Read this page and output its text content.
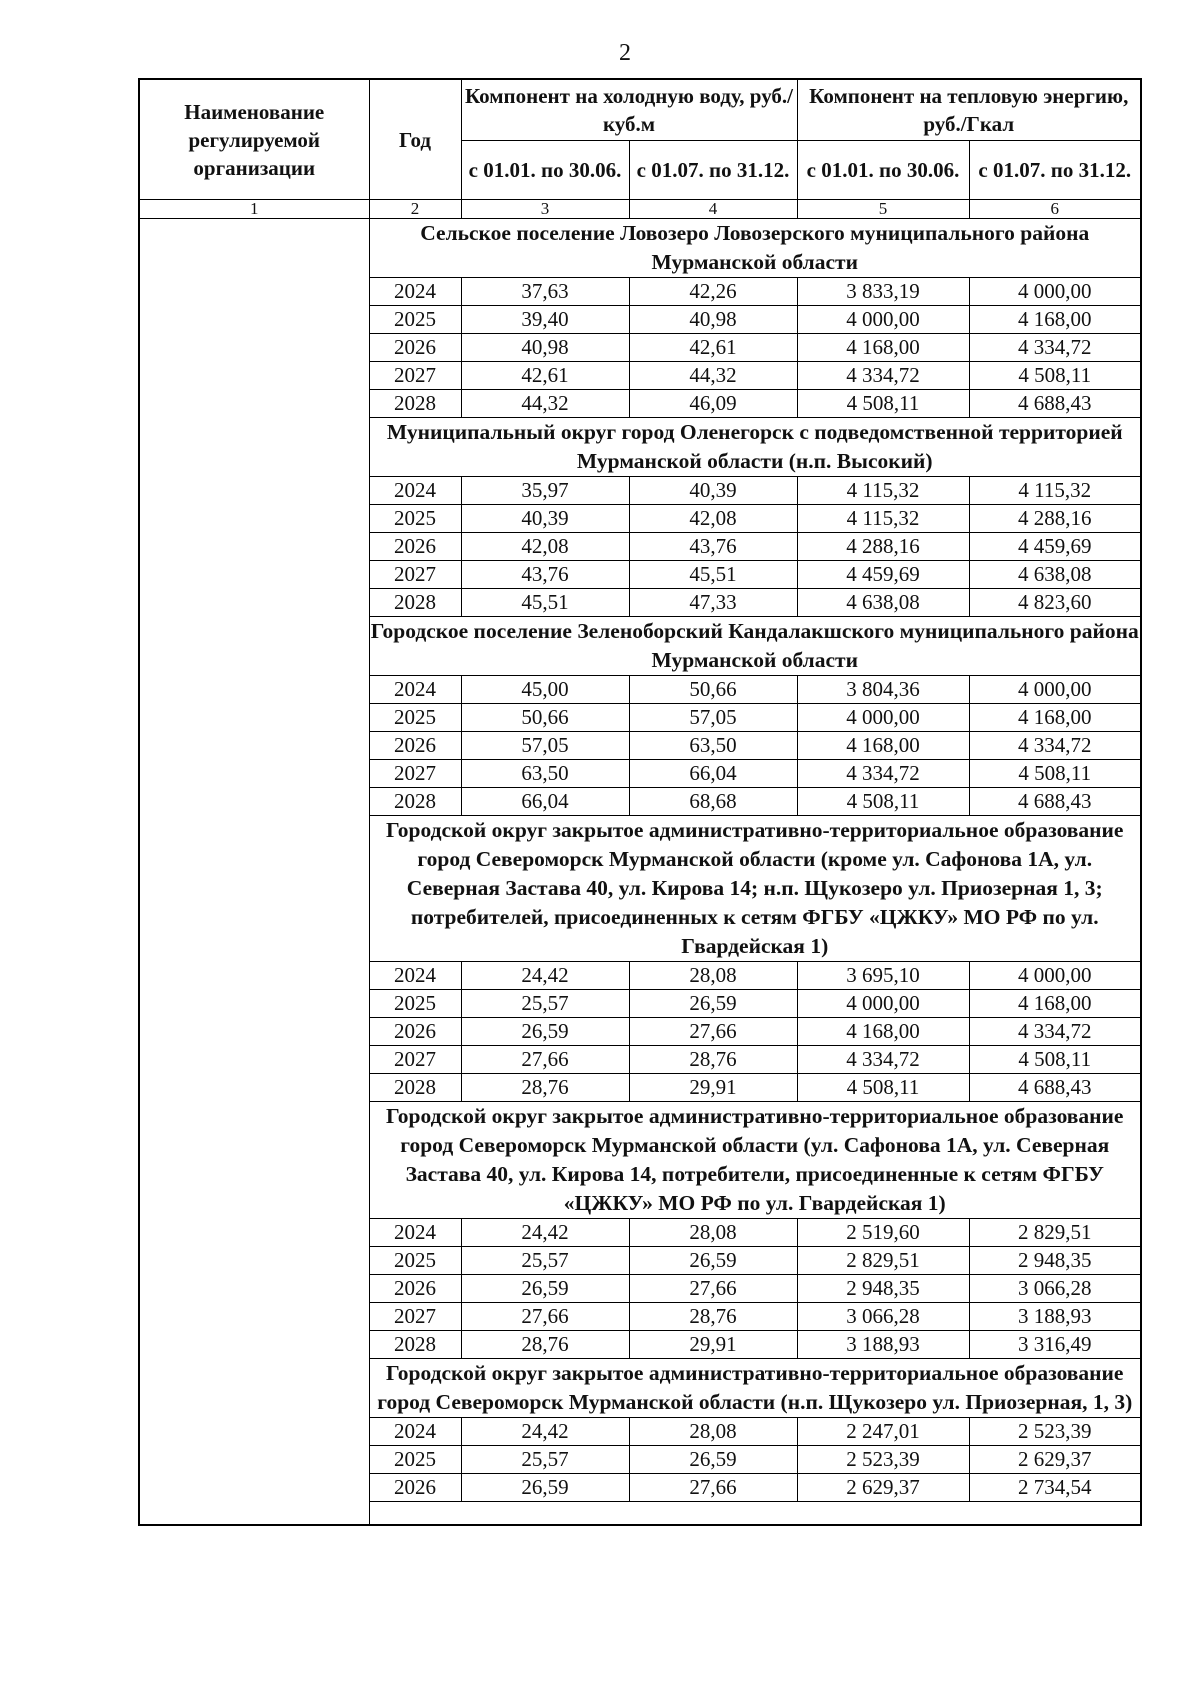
2
Наименование регулируемой организации	Год	Компонент на холодную воду, руб./куб.м		Компонент на тепловую энергию, руб./Гкал	
		с 01.01. по 30.06.	с 01.07. по 31.12.	с 01.01. по 30.06.	с 01.07. по 31.12.
1	2	3	4	5	6
	Сельское поселение Ловозеро Ловозерского муниципального района Мурманской области				
	2024	37,63	42,26	3 833,19	4 000,00
	2025	39,40	40,98	4 000,00	4 168,00
	2026	40,98	42,61	4 168,00	4 334,72
	2027	42,61	44,32	4 334,72	4 508,11
	2028	44,32	46,09	4 508,11	4 688,43
	Муниципальный округ город Оленегорск с подведомственной территорией Мурманской области (н.п. Высокий)				
	2024	35,97	40,39	4 115,32	4 115,32
	2025	40,39	42,08	4 115,32	4 288,16
	2026	42,08	43,76	4 288,16	4 459,69
	2027	43,76	45,51	4 459,69	4 638,08
	2028	45,51	47,33	4 638,08	4 823,60
	Городское поселение Зеленоборский Кандалакшского муниципального района Мурманской области				
	2024	45,00	50,66	3 804,36	4 000,00
	2025	50,66	57,05	4 000,00	4 168,00
	2026	57,05	63,50	4 168,00	4 334,72
	2027	63,50	66,04	4 334,72	4 508,11
	2028	66,04	68,68	4 508,11	4 688,43
	Городской округ закрытое административно-территориальное образование город Североморск Мурманской области (кроме ул. Сафонова 1А, ул. Северная Застава 40, ул. Кирова 14; н.п. Щукозеро ул. Приозерная 1, 3; потребителей, присоединенных к сетям ФГБУ «ЦЖКУ» МО РФ по ул. Гвардейская 1)				
	2024	24,42	28,08	3 695,10	4 000,00
	2025	25,57	26,59	4 000,00	4 168,00
	2026	26,59	27,66	4 168,00	4 334,72
	2027	27,66	28,76	4 334,72	4 508,11
	2028	28,76	29,91	4 508,11	4 688,43
	Городской округ закрытое административно-территориальное образование город Североморск Мурманской области (ул. Сафонова 1А, ул. Северная Застава 40, ул. Кирова 14, потребители, присоединенные к сетям ФГБУ «ЦЖКУ» МО РФ по ул. Гвардейская 1)				
	2024	24,42	28,08	2 519,60	2 829,51
	2025	25,57	26,59	2 829,51	2 948,35
	2026	26,59	27,66	2 948,35	3 066,28
	2027	27,66	28,76	3 066,28	3 188,93
	2028	28,76	29,91	3 188,93	3 316,49
	Городской округ закрытое административно-территориальное образование город Североморск Мурманской области (н.п. Щукозеро ул. Приозерная, 1, 3)				
	2024	24,42	28,08	2 247,01	2 523,39
	2025	25,57	26,59	2 523,39	2 629,37
	2026	26,59	27,66	2 629,37	2 734,54
